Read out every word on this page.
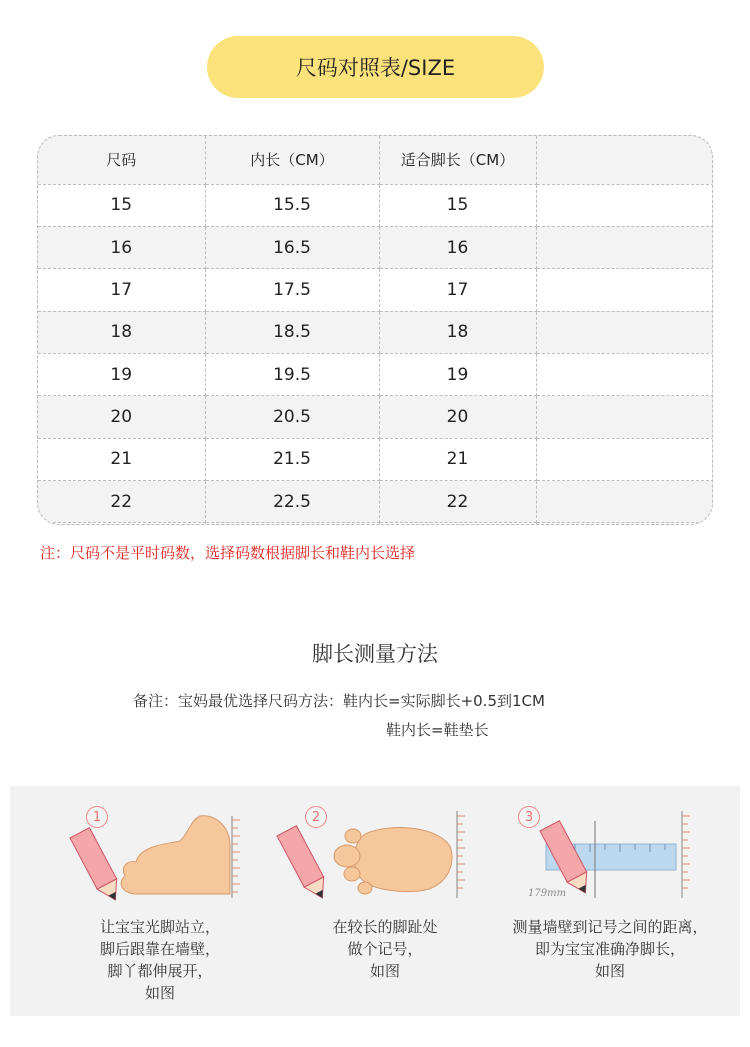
尺码对照表/SIZE
尺码	内长（CM）	适合脚长（CM）	
15	15.5	15	
16	16.5	16	
17	17.5	17	
18	18.5	18	
19	19.5	19	
20	20.5	20	
21	21.5	21	
22	22.5	22	

注：尺码不是平时码数，选择码数根据脚长和鞋内长选择
脚长测量方法
备注：宝妈最优选择尺码方法：鞋内长=实际脚长+0.5到1CM
鞋内长=鞋垫长
1
让宝宝光脚站立，
脚后跟靠在墙壁，
脚丫都伸展开，
如图
2
在较长的脚趾处
做个记号，
如图
3
179mm
测量墙壁到记号之间的距离，
即为宝宝准确净脚长，
如图
